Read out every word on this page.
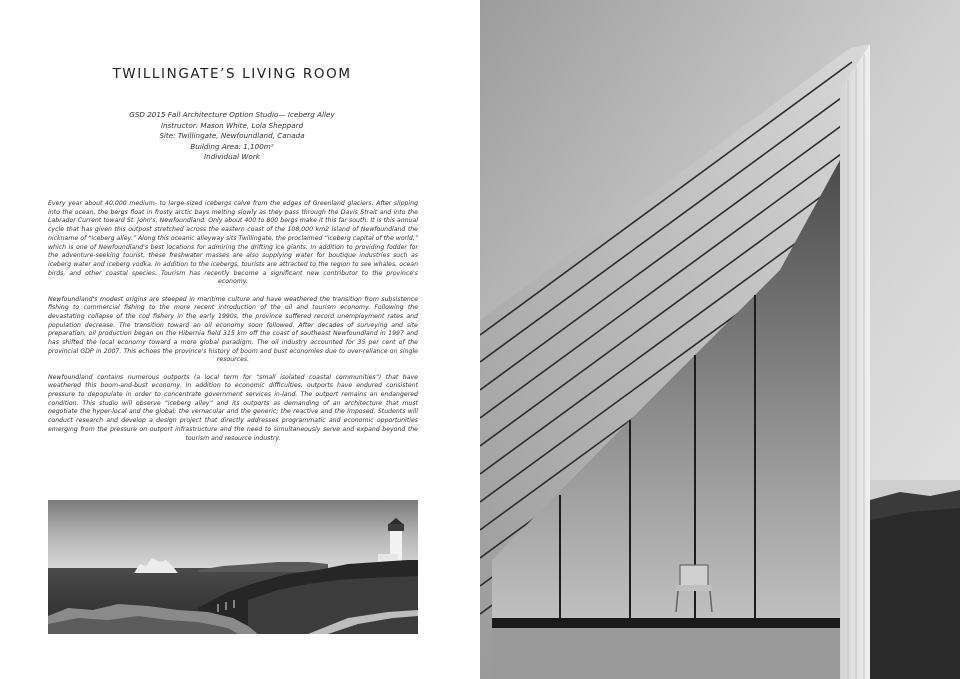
TWILLINGATE’S LIVING ROOM
GSD 2015 Fall Architecture Option Studio— Iceberg Alley
Instructor: Mason White, Lola Sheppard
Site: Twillingate, Newfoundland, Canada
Building Area: 1,100m²
Individual Work

Every year about 40,000 medium- to large-sized icebergs calve from the edges of Greenland glaciers. After slipping into the ocean, the bergs float in frosty arctic bays melting slowly as they pass through the Davis Strait and into the Labrador Current toward St. John's, Newfoundland. Only about 400 to 800 bergs make it this far south. It is this annual cycle that has given this outpost stretched across the eastern coast of the 108,000 km2 island of Newfoundland the nickname of “iceberg alley.” Along this oceanic alleyway sits Twillingate, the proclaimed “iceberg capital of the world,” which is one of Newfoundland's best locations for admiring the drifting ice giants. In addition to providing fodder for the adventure-seeking tourist, these freshwater masses are also supplying water for boutique industries such as iceberg water and iceberg vodka. In addition to the icebergs, tourists are attracted to the region to see whales, ocean birds, and other coastal species. Tourism has recently become a significant new contributor to the province's economy.

Newfoundland's modest origins are steeped in maritime culture and have weathered the transition from subsistence fishing to commercial fishing to the more recent introduction of the oil and tourism economy. Following the devastating collapse of the cod fishery in the early 1990s, the province suffered record unemployment rates and population decrease. The transition toward an oil economy soon followed. After decades of surveying and site preparation, oil production began on the Hibernia field 315 km off the coast of southeast Newfoundland in 1997 and has shifted the local economy toward a more global paradigm. The oil industry accounted for 35 per cent of the provincial GDP in 2007. This echoes the province's history of boom and bust economies due to over-reliance on single resources.

Newfoundland contains numerous outports (a local term for “small isolated coastal communities”) that have weathered this boom-and-bust economy. In addition to economic difficulties, outports have endured consistent pressure to depopulate in order to concentrate government services in-land. The outport remains an endangered condition. This studio will observe “iceberg alley” and its outports as demanding of an architecture that must negotiate the hyper-local and the global; the vernacular and the generic; the reactive and the imposed. Students will conduct research and develop a design project that directly addresses programmatic and economic opportunities emerging from the pressure on outport infrastructure and the need to simultaneously serve and expand beyond the tourism and resource industry.
